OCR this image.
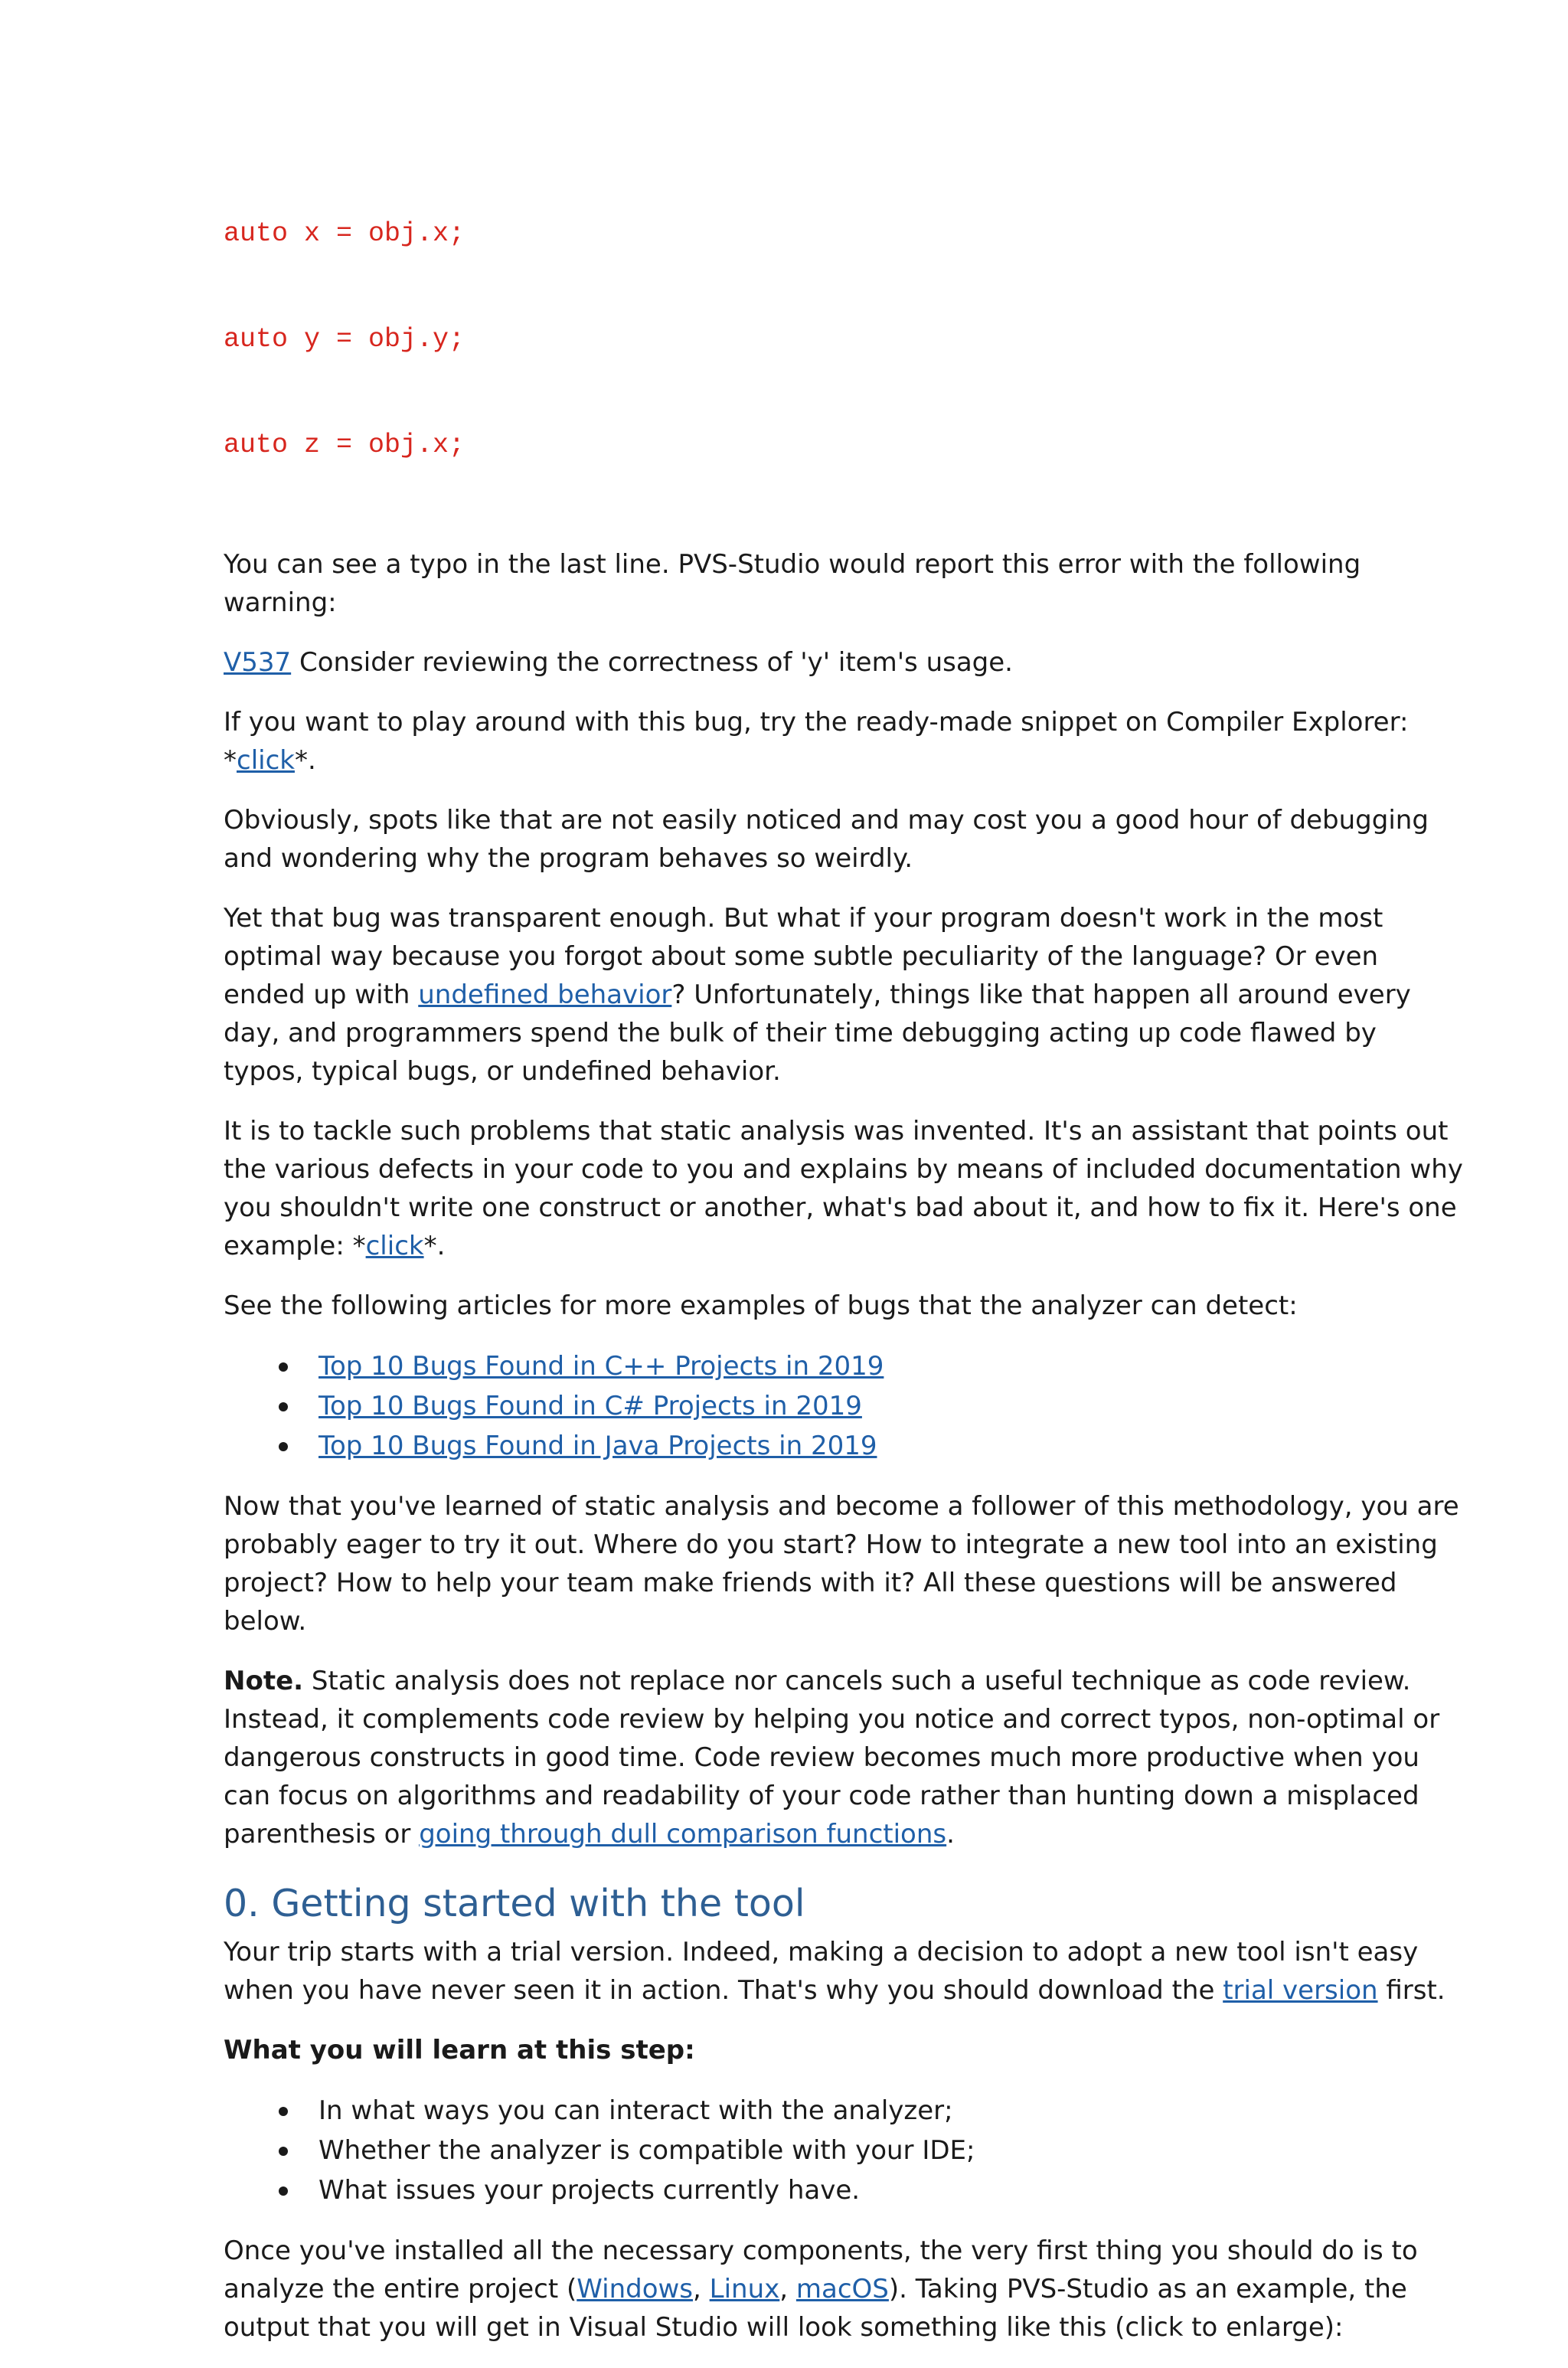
auto x = obj.x;

auto y = obj.y;

auto z = obj.x;

You can see a typo in the last line. PVS-Studio would report this error with the following warning:

V537 Consider reviewing the correctness of 'y' item's usage.

If you want to play around with this bug, try the ready-made snippet on Compiler Explorer: *click*.

Obviously, spots like that are not easily noticed and may cost you a good hour of debugging and wondering why the program behaves so weirdly.

Yet that bug was transparent enough. But what if your program doesn't work in the most optimal way because you forgot about some subtle peculiarity of the language? Or even ended up with undefined behavior? Unfortunately, things like that happen all around every day, and programmers spend the bulk of their time debugging acting up code flawed by typos, typical bugs, or undefined behavior.

It is to tackle such problems that static analysis was invented. It's an assistant that points out the various defects in your code to you and explains by means of included documentation why you shouldn't write one construct or another, what's bad about it, and how to fix it. Here's one example: *click*.

See the following articles for more examples of bugs that the analyzer can detect:

Top 10 Bugs Found in C++ Projects in 2019
Top 10 Bugs Found in C# Projects in 2019
Top 10 Bugs Found in Java Projects in 2019

Now that you've learned of static analysis and become a follower of this methodology, you are probably eager to try it out. Where do you start? How to integrate a new tool into an existing project? How to help your team make friends with it? All these questions will be answered below.

Note. Static analysis does not replace nor cancels such a useful technique as code review. Instead, it complements code review by helping you notice and correct typos, non-optimal or dangerous constructs in good time. Code review becomes much more productive when you can focus on algorithms and readability of your code rather than hunting down a misplaced parenthesis or going through dull comparison functions.

0. Getting started with the tool

Your trip starts with a trial version. Indeed, making a decision to adopt a new tool isn't easy when you have never seen it in action. That's why you should download the trial version first.

What you will learn at this step:

In what ways you can interact with the analyzer;
Whether the analyzer is compatible with your IDE;
What issues your projects currently have.

Once you've installed all the necessary components, the very first thing you should do is to analyze the entire project (Windows, Linux, macOS). Taking PVS-Studio as an example, the output that you will get in Visual Studio will look something like this (click to enlarge):
